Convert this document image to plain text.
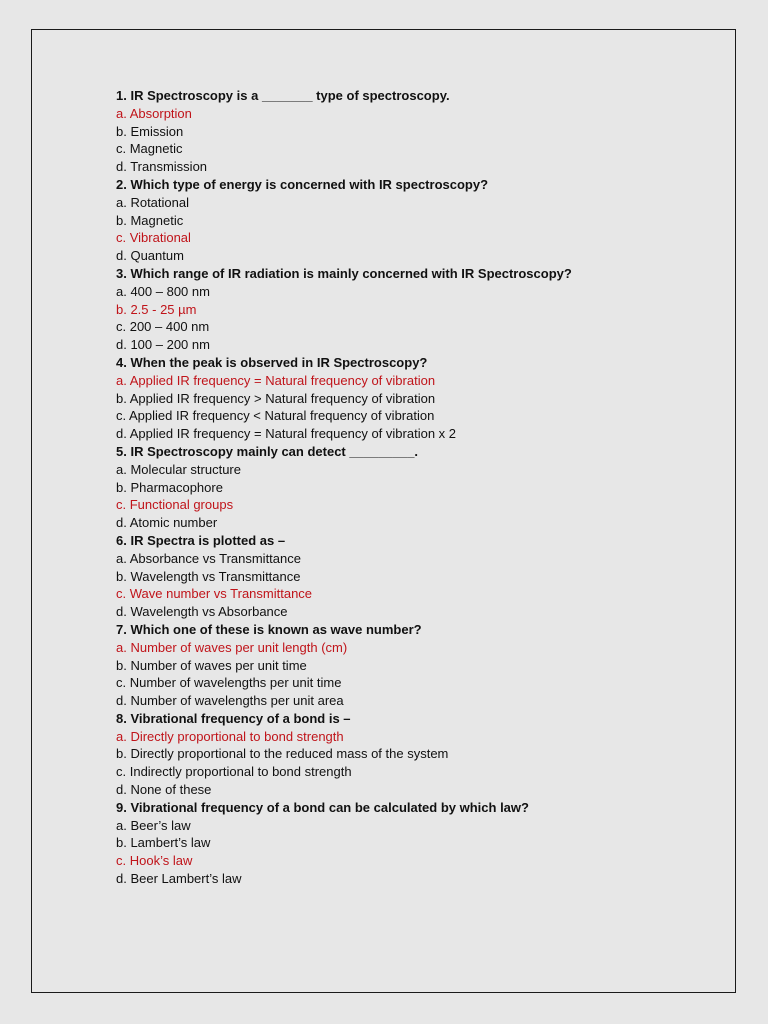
1. IR Spectroscopy is a _______ type of spectroscopy.
a. Absorption
b. Emission
c. Magnetic
d. Transmission
2. Which type of energy is concerned with IR spectroscopy?
a. Rotational
b. Magnetic
c. Vibrational
d. Quantum
3. Which range of IR radiation is mainly concerned with IR Spectroscopy?
a. 400 – 800 nm
b. 2.5 - 25 µm
c. 200 – 400 nm
d. 100 – 200 nm
4. When the peak is observed in IR Spectroscopy?
a. Applied IR frequency = Natural frequency of vibration
b. Applied IR frequency > Natural frequency of vibration
c. Applied IR frequency < Natural frequency of vibration
d. Applied IR frequency = Natural frequency of vibration x 2
5. IR Spectroscopy mainly can detect _________.
a. Molecular structure
b. Pharmacophore
c. Functional groups
d. Atomic number
6. IR Spectra is plotted as –
a. Absorbance vs Transmittance
b. Wavelength vs Transmittance
c. Wave number vs Transmittance
d. Wavelength vs Absorbance
7. Which one of these is known as wave number?
a. Number of waves per unit length (cm)
b. Number of waves per unit time
c. Number of wavelengths per unit time
d. Number of wavelengths per unit area
8. Vibrational frequency of a bond is –
a. Directly proportional to bond strength
b. Directly proportional to the reduced mass of the system
c. Indirectly proportional to bond strength
d. None of these
9. Vibrational frequency of a bond can be calculated by which law?
a. Beer’s law
b. Lambert’s law
c. Hook’s law
d. Beer Lambert’s law
